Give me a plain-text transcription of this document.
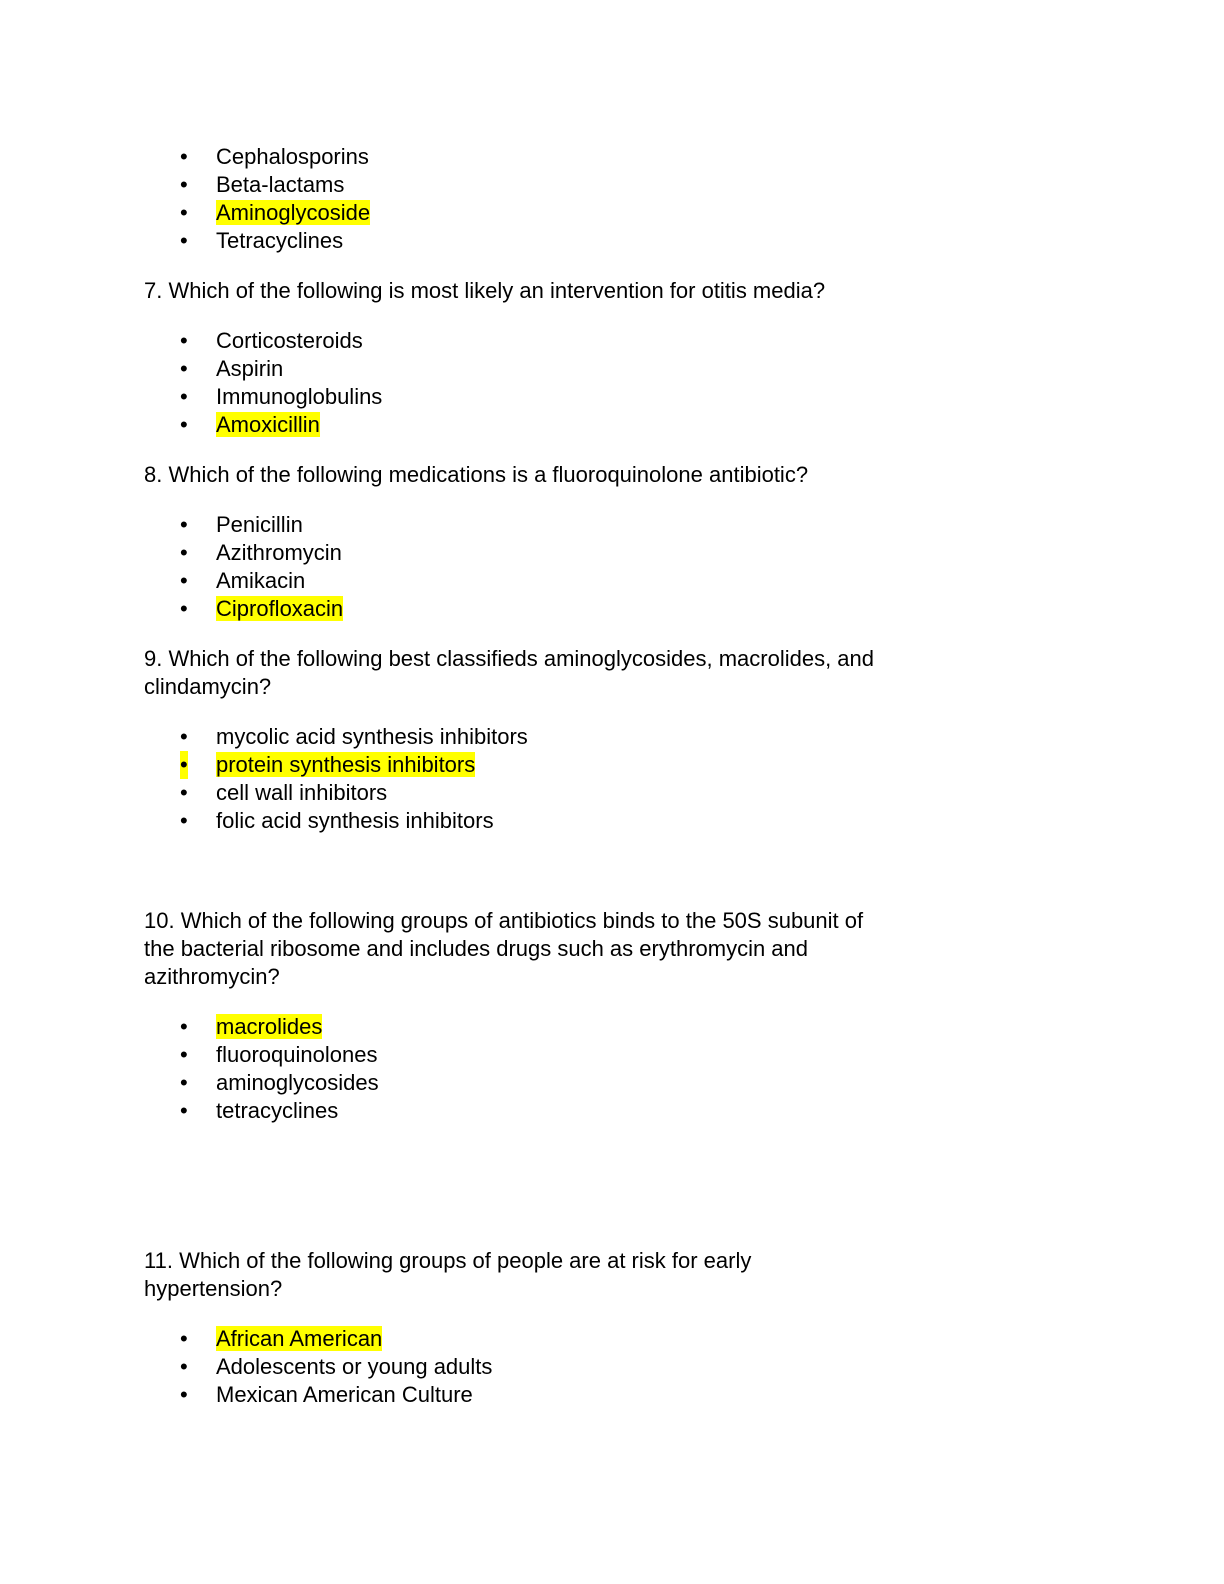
• Cephalosporins
• Beta-lactams
• Aminoglycoside
• Tetracyclines

7. Which of the following is most likely an intervention for otitis media?

• Corticosteroids
• Aspirin
• Immunoglobulins
• Amoxicillin

8. Which of the following medications is a fluoroquinolone antibiotic?

• Penicillin
• Azithromycin
• Amikacin
• Ciprofloxacin

9. Which of the following best classifieds aminoglycosides, macrolides, and
clindamycin?

• mycolic acid synthesis inhibitors
• protein synthesis inhibitors
• cell wall inhibitors
• folic acid synthesis inhibitors

10. Which of the following groups of antibiotics binds to the 50S subunit of
the bacterial ribosome and includes drugs such as erythromycin and
azithromycin?

• macrolides
• fluoroquinolones
• aminoglycosides
• tetracyclines

11. Which of the following groups of people are at risk for early
hypertension?

• African American
• Adolescents or young adults
• Mexican American Culture
